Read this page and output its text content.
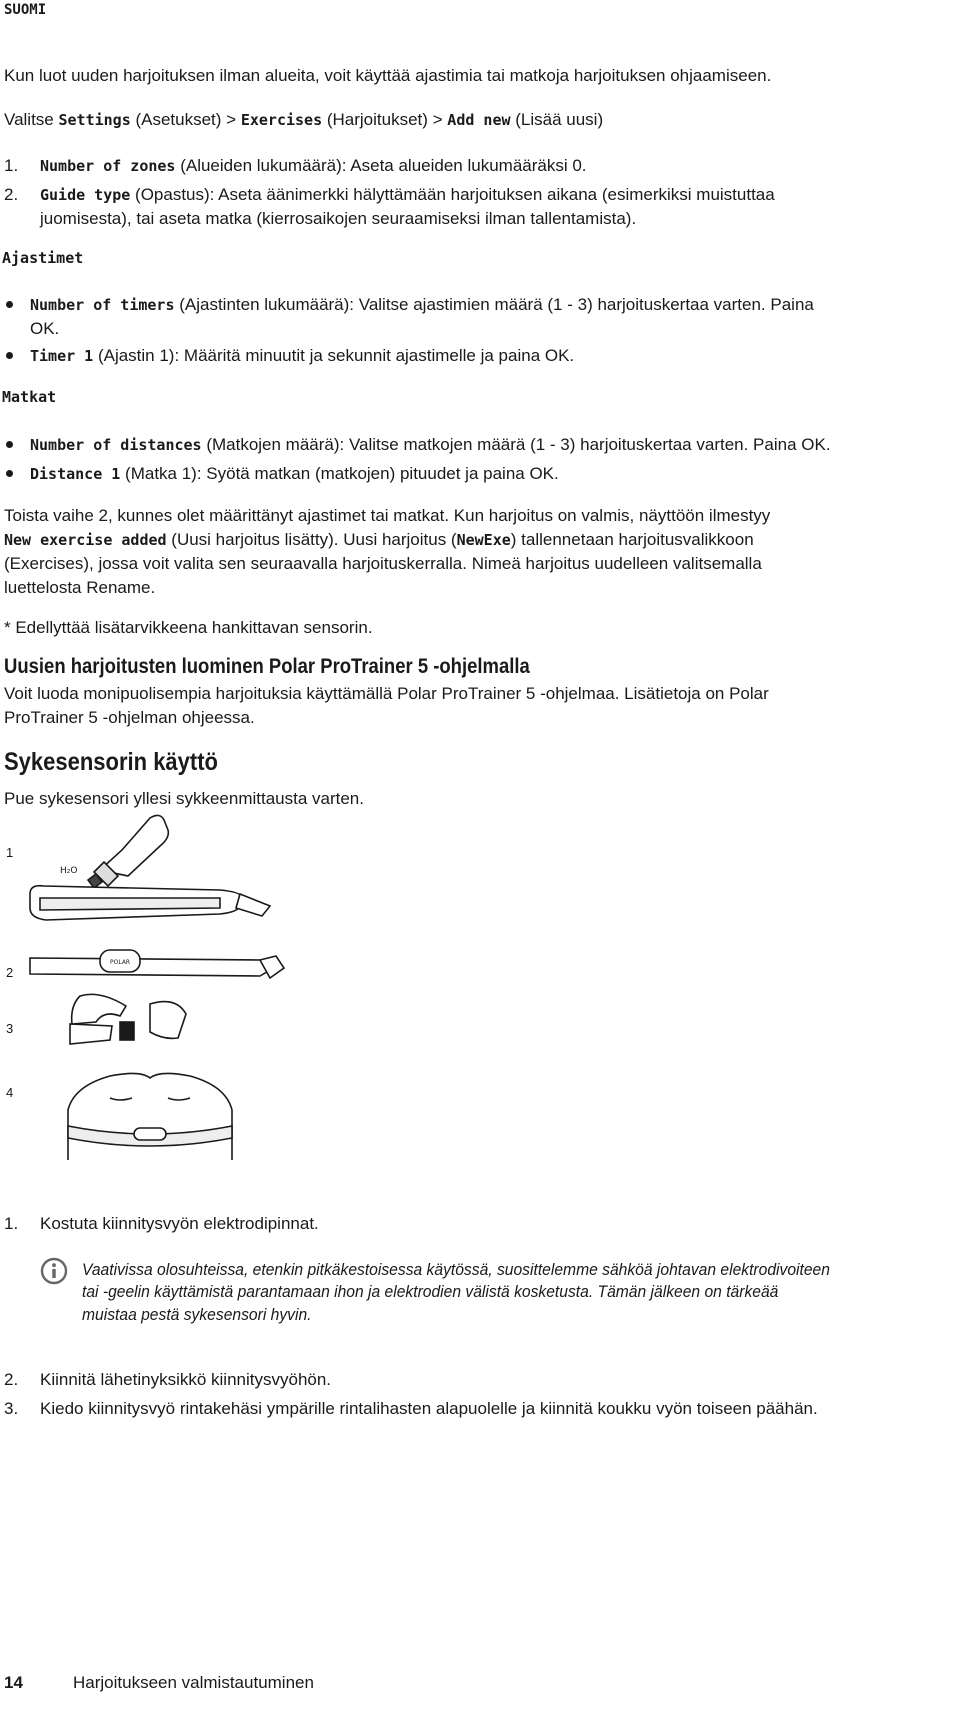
SUOMI

Kun luot uuden harjoituksen ilman alueita, voit käyttää ajastimia tai matkoja harjoituksen ohjaamiseen.

Valitse Settings (Asetukset) > Exercises (Harjoitukset) > Add new (Lisää uusi)

1.	Number of zones (Alueiden lukumäärä): Aseta alueiden lukumääräksi 0.

2.	Guide type (Opastus): Aseta äänimerkki hälyttämään harjoituksen aikana (esimerkiksi muistuttaa

juomisesta), tai aseta matka (kierrosaikojen seuraamiseksi ilman tallentamista).

Ajastimet

Number of timers (Ajastinten lukumäärä): Valitse ajastimien määrä (1 - 3) harjoituskertaa varten. Paina

OK.

Timer 1 (Ajastin 1): Määritä minuutit ja sekunnit ajastimelle ja paina OK.

Matkat

Number of distances (Matkojen määrä): Valitse matkojen määrä (1 - 3) harjoituskertaa varten. Paina OK.

Distance 1 (Matka 1): Syötä matkan (matkojen) pituudet ja paina OK.

Toista vaihe 2, kunnes olet määrittänyt ajastimet tai matkat. Kun harjoitus on valmis, näyttöön ilmestyy

New exercise added (Uusi harjoitus lisätty). Uusi harjoitus (NewExe) tallennetaan harjoitusvalikkoon

(Exercises), jossa voit valita sen seuraavalla harjoituskerralla. Nimeä harjoitus uudelleen valitsemalla

luettelosta Rename.

* Edellyttää lisätarvikkeena hankittavan sensorin.

Uusien harjoitusten luominen Polar ProTrainer 5 -ohjelmalla

Voit luoda monipuolisempia harjoituksia käyttämällä Polar ProTrainer 5 -ohjelmaa. Lisätietoja on Polar

ProTrainer 5 -ohjelman ohjeessa.

Sykesensorin käyttö

Pue sykesensori yllesi sykkeenmittausta varten.

1
2
3
4
H₂O
POLAR
1.	Kostuta kiinnitysvyön elektrodipinnat.

Vaativissa olosuhteissa, etenkin pitkäkestoisessa käytössä, suosittelemme sähköä johtavan elektrodivoiteen

tai -geelin käyttämistä parantamaan ihon ja elektrodien välistä kosketusta. Tämän jälkeen on tärkeää

muistaa pestä sykesensori hyvin.

2.	Kiinnitä lähetinyksikkö kiinnitysvyöhön.

3.	Kiedo kiinnitysvyö rintakehäsi ympärille rintalihasten alapuolelle ja kiinnitä koukku vyön toiseen päähän.

14	Harjoitukseen valmistautuminen
